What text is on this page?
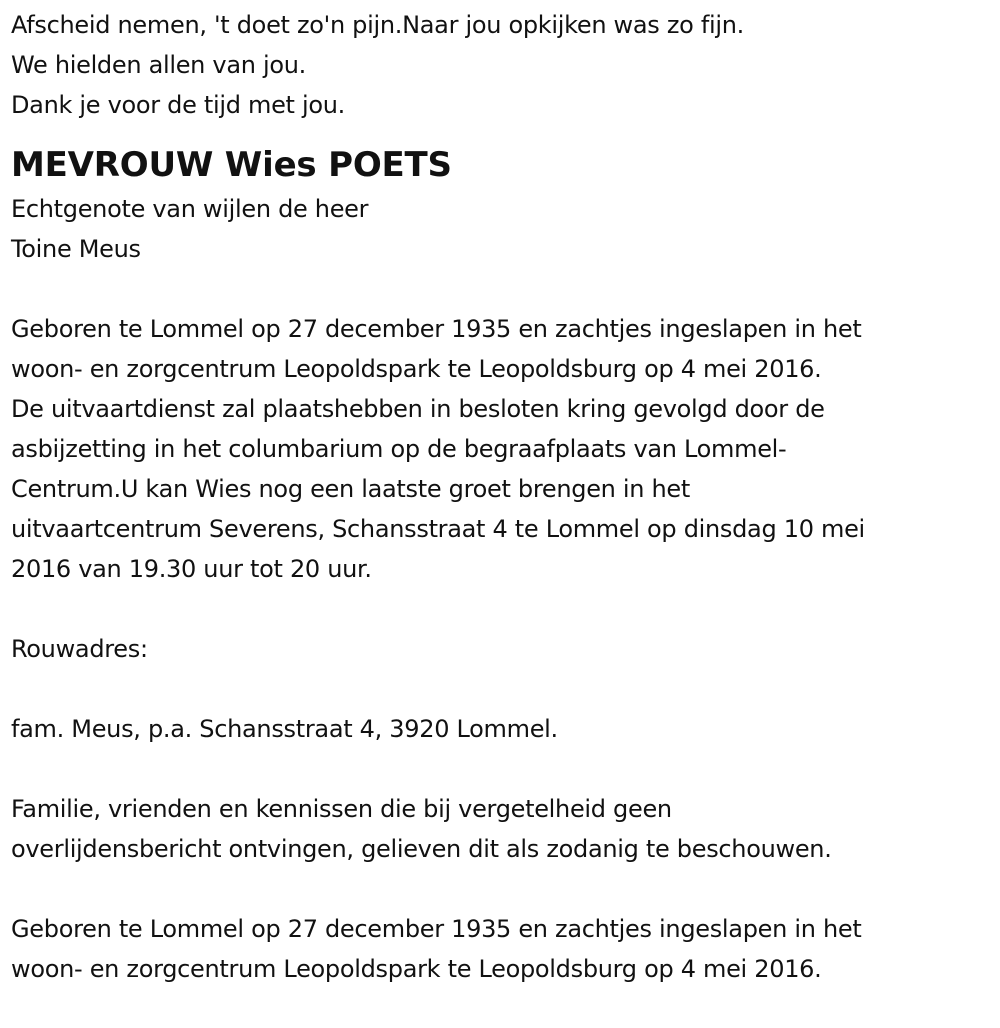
Afscheid nemen, 't doet zo'n pijn.Naar jou opkijken was zo fijn.
We hielden allen van jou.
Dank je voor de tijd met jou.
MEVROUW Wies POETS
Echtgenote van wijlen de heer
Toine Meus
Geboren te Lommel op 27 december 1935 en zachtjes ingeslapen in het
woon- en zorgcentrum Leopoldspark te Leopoldsburg op 4 mei 2016.
De uitvaartdienst zal plaatshebben in besloten kring gevolgd door de
asbijzetting in het columbarium op de begraafplaats van Lommel-
Centrum.U kan Wies nog een laatste groet brengen in het
uitvaartcentrum Severens, Schansstraat 4 te Lommel op dinsdag 10 mei
2016 van 19.30 uur tot 20 uur.
Rouwadres:
fam. Meus, p.a. Schansstraat 4, 3920 Lommel.
Familie, vrienden en kennissen die bij vergetelheid geen
overlijdensbericht ontvingen, gelieven dit als zodanig te beschouwen.
Geboren te Lommel op 27 december 1935 en zachtjes ingeslapen in het
woon- en zorgcentrum Leopoldspark te Leopoldsburg op 4 mei 2016.
